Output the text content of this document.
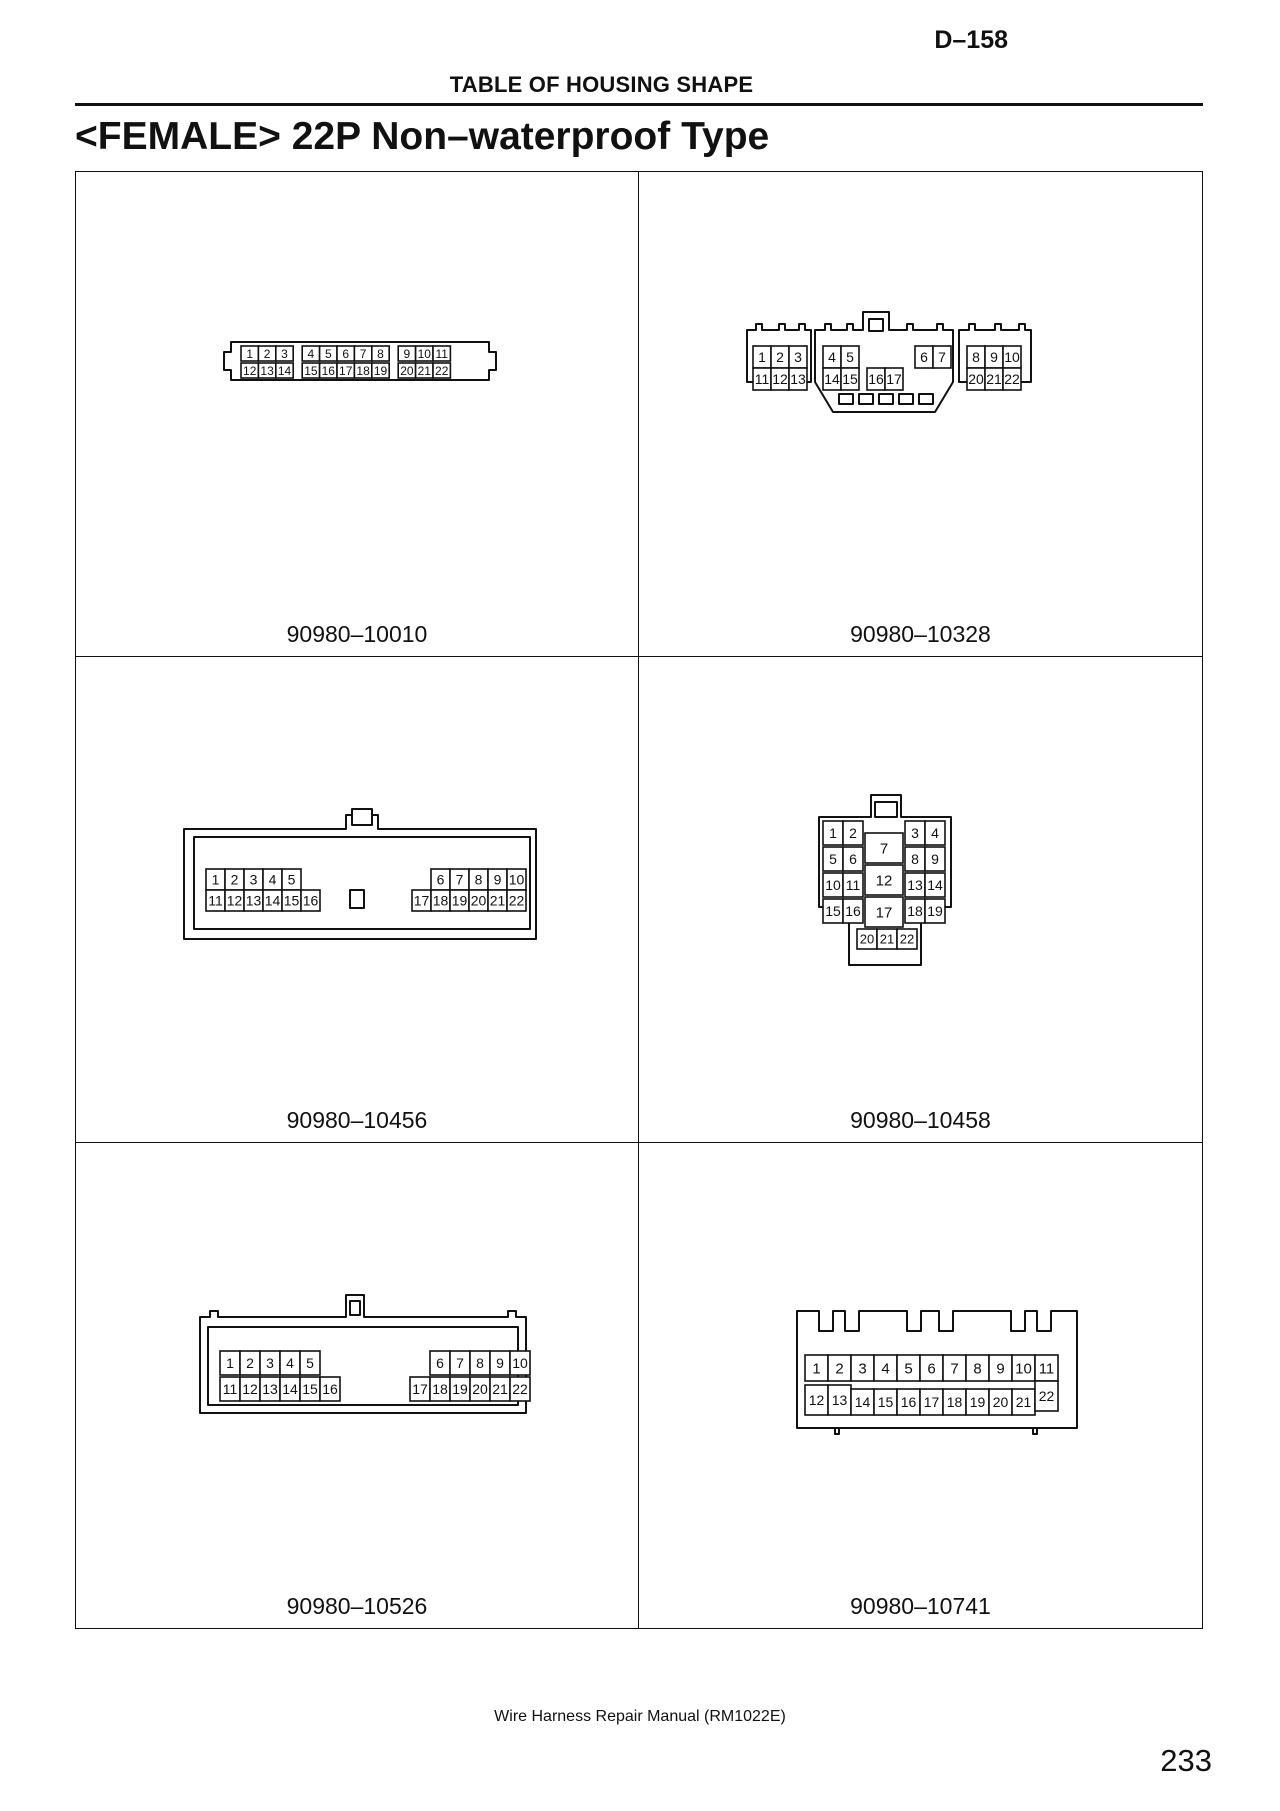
D–158
TABLE OF HOUSING SHAPE
<FEMALE> 22P Non–waterproof Type
1 2 3 4 5 6 7 8 9 10 11
12 13 14 15 16 17 18 19 20 21 22
90980–10010
1 2 3
11 12 13
4 5
14 15 16 17
6 7 8 9 10
20 21 22
90980–10328
1 2 3 4 5
11 12 13 14 15 16
6 7 8 9 10
17 18 19 20 21 22
90980–10456
1 2	3 4
5 6
7
8 9
10 11 12 13 14
15 16 17 18 19
20 21 22
90980–10458
1 2 3 4 5
11 12 13 14 15 16
6 7 8 9 10
17 18 19 20 21 22
90980–10526
1 2 3 4 5 6 7 8 9 10 11
12 13 14 15 16 17 18 19 20 21 22
90980–10741
Wire Harness Repair Manual (RM1022E)
233
